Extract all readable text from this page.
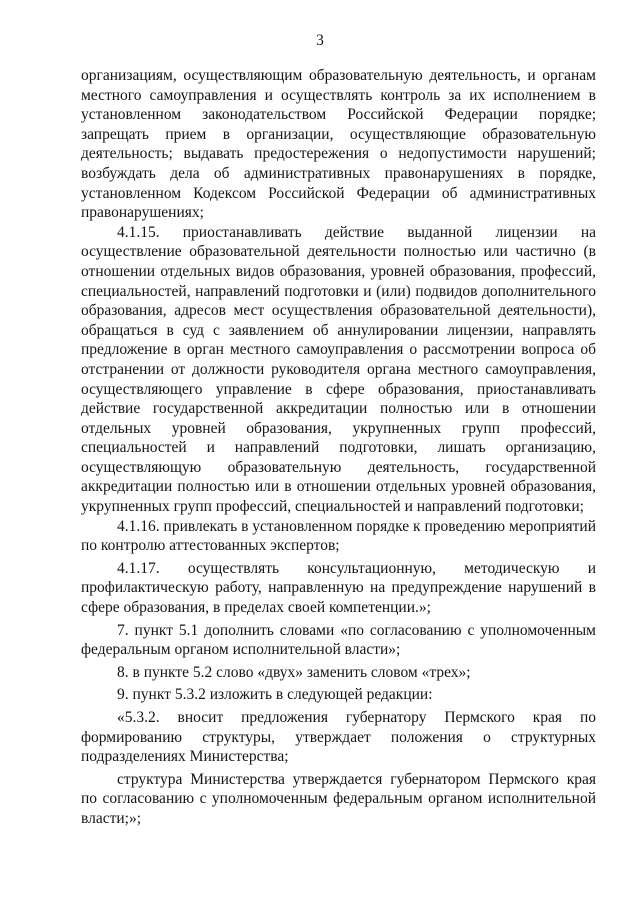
3

организациям, осуществляющим образовательную деятельность, и органам местного самоуправления и осуществлять контроль за их исполнением в установленном законодательством Российской Федерации порядке; запрещать прием в организации, осуществляющие образовательную деятельность; выдавать предостережения о недопустимости нарушений; возбуждать дела об административных правонарушениях в порядке, установленном Кодексом Российской Федерации об административных правонарушениях;

4.1.15. приостанавливать действие выданной лицензии на осуществление образовательной деятельности полностью или частично (в отношении отдельных видов образования, уровней образования, профессий, специальностей, направлений подготовки и (или) подвидов дополнительного образования, адресов мест осуществления образовательной деятельности), обращаться в суд с заявлением об аннулировании лицензии, направлять предложение в орган местного самоуправления о рассмотрении вопроса об отстранении от должности руководителя органа местного самоуправления, осуществляющего управление в сфере образования, приостанавливать действие государственной аккредитации полностью или в отношении отдельных уровней образования, укрупненных групп профессий, специальностей и направлений подготовки, лишать организацию, осуществляющую образовательную деятельность, государственной аккредитации полностью или в отношении отдельных уровней образования, укрупненных групп профессий, специальностей и направлений подготовки;

4.1.16. привлекать в установленном порядке к проведению мероприятий по контролю аттестованных экспертов;

4.1.17. осуществлять консультационную, методическую и профилактическую работу, направленную на предупреждение нарушений в сфере образования, в пределах своей компетенции.»;

7. пункт 5.1 дополнить словами «по согласованию с уполномоченным федеральным органом исполнительной власти»;

8. в пункте 5.2 слово «двух» заменить словом «трех»;

9. пункт 5.3.2 изложить в следующей редакции:

«5.3.2. вносит предложения губернатору Пермского края по формированию структуры, утверждает положения о структурных подразделениях Министерства;

структура Министерства утверждается губернатором Пермского края по согласованию с уполномоченным федеральным органом исполнительной власти;»;
